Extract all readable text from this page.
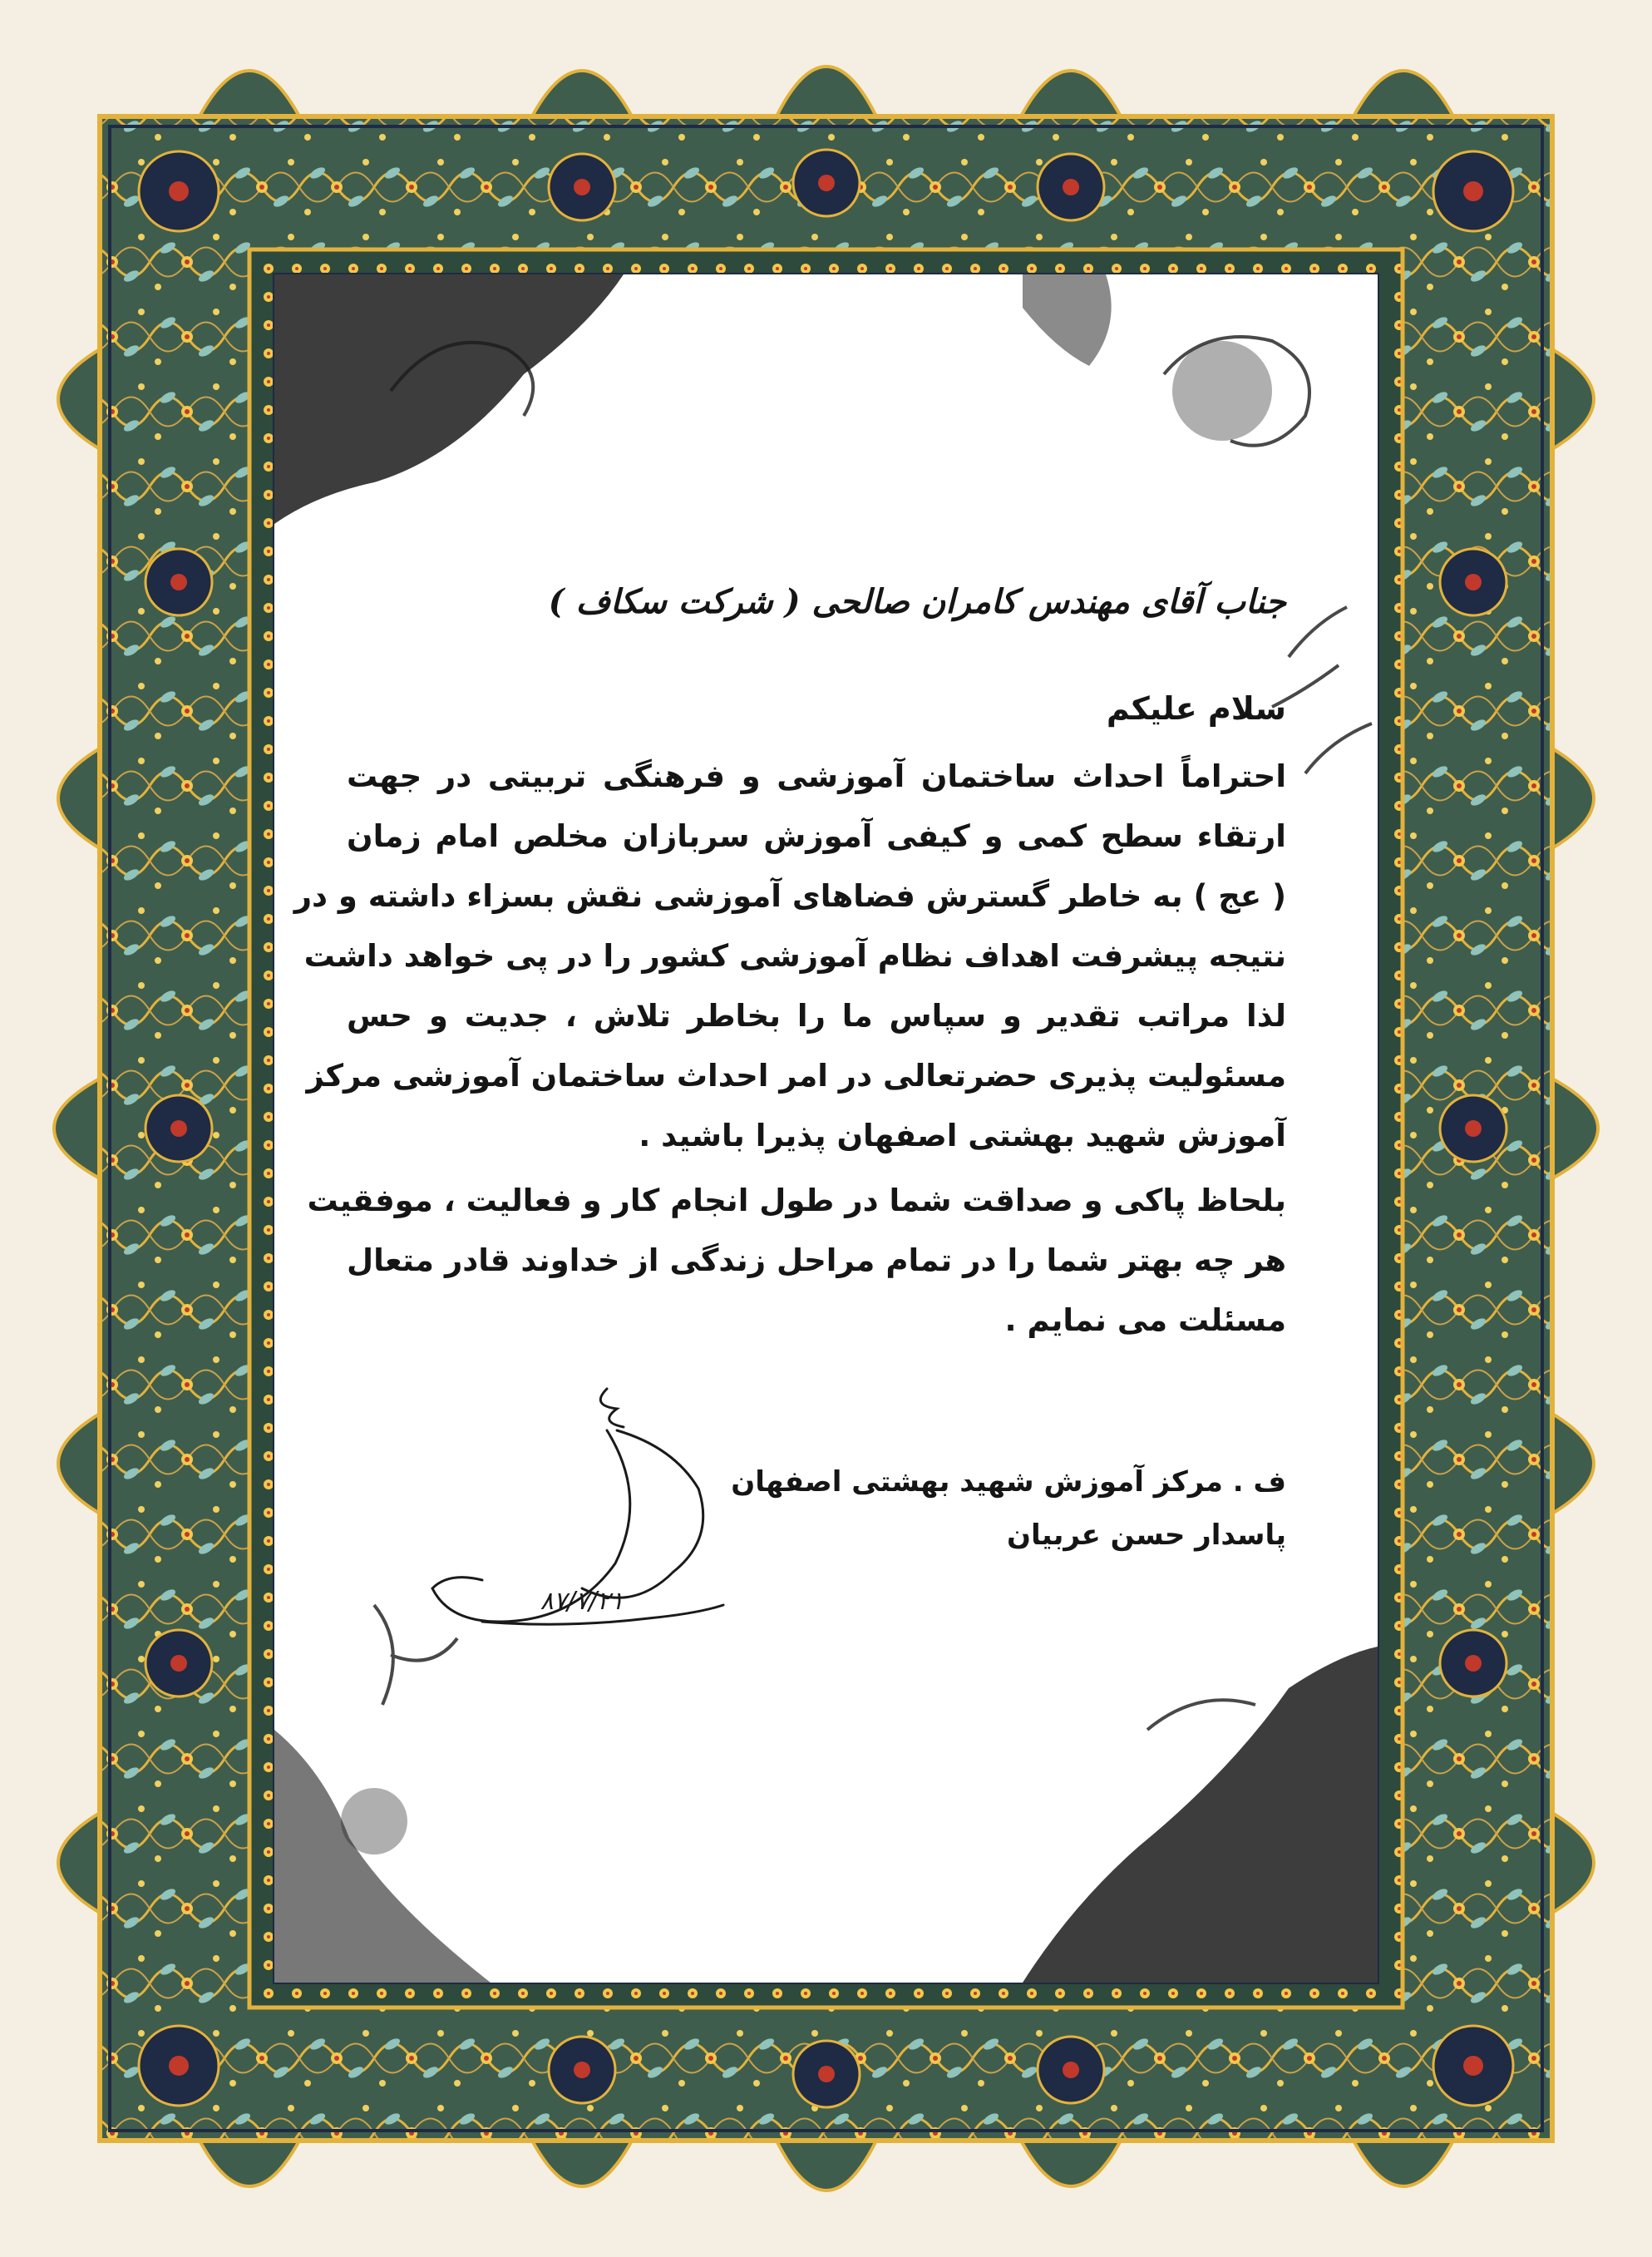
جناب آقای مهندس کامران صالحی ( شرکت سکاف )
سلام علیکم
احتراماً احداث ساختمان آموزشی و فرهنگی تربیتی در جهت
ارتقاء سطح کمی و کیفی آموزش سربازان مخلص امام زمان
( عج ) به خاطر گسترش فضاهای آموزشی نقش بسزاء داشته و در
نتیجه پیشرفت اهداف نظام آموزشی کشور را در پی خواهد داشت
لذا مراتب تقدیر و سپاس ما را بخاطر تلاش ، جدیت و حس
مسئولیت پذیری حضرتعالی در امر احداث ساختمان آموزشی مرکز
آموزش شهید بهشتی اصفهان پذیرا باشید .
بلحاظ پاکی و صداقت شما در طول انجام کار و فعالیت ، موفقیت
هر چه بهتر شما را در تمام مراحل زندگی از خداوند قادر متعال
مسئلت می نمایم .
۸۷/۷/۲۱
ف . مرکز آموزش شهید بهشتی اصفهان
پاسدار حسن عربیان
